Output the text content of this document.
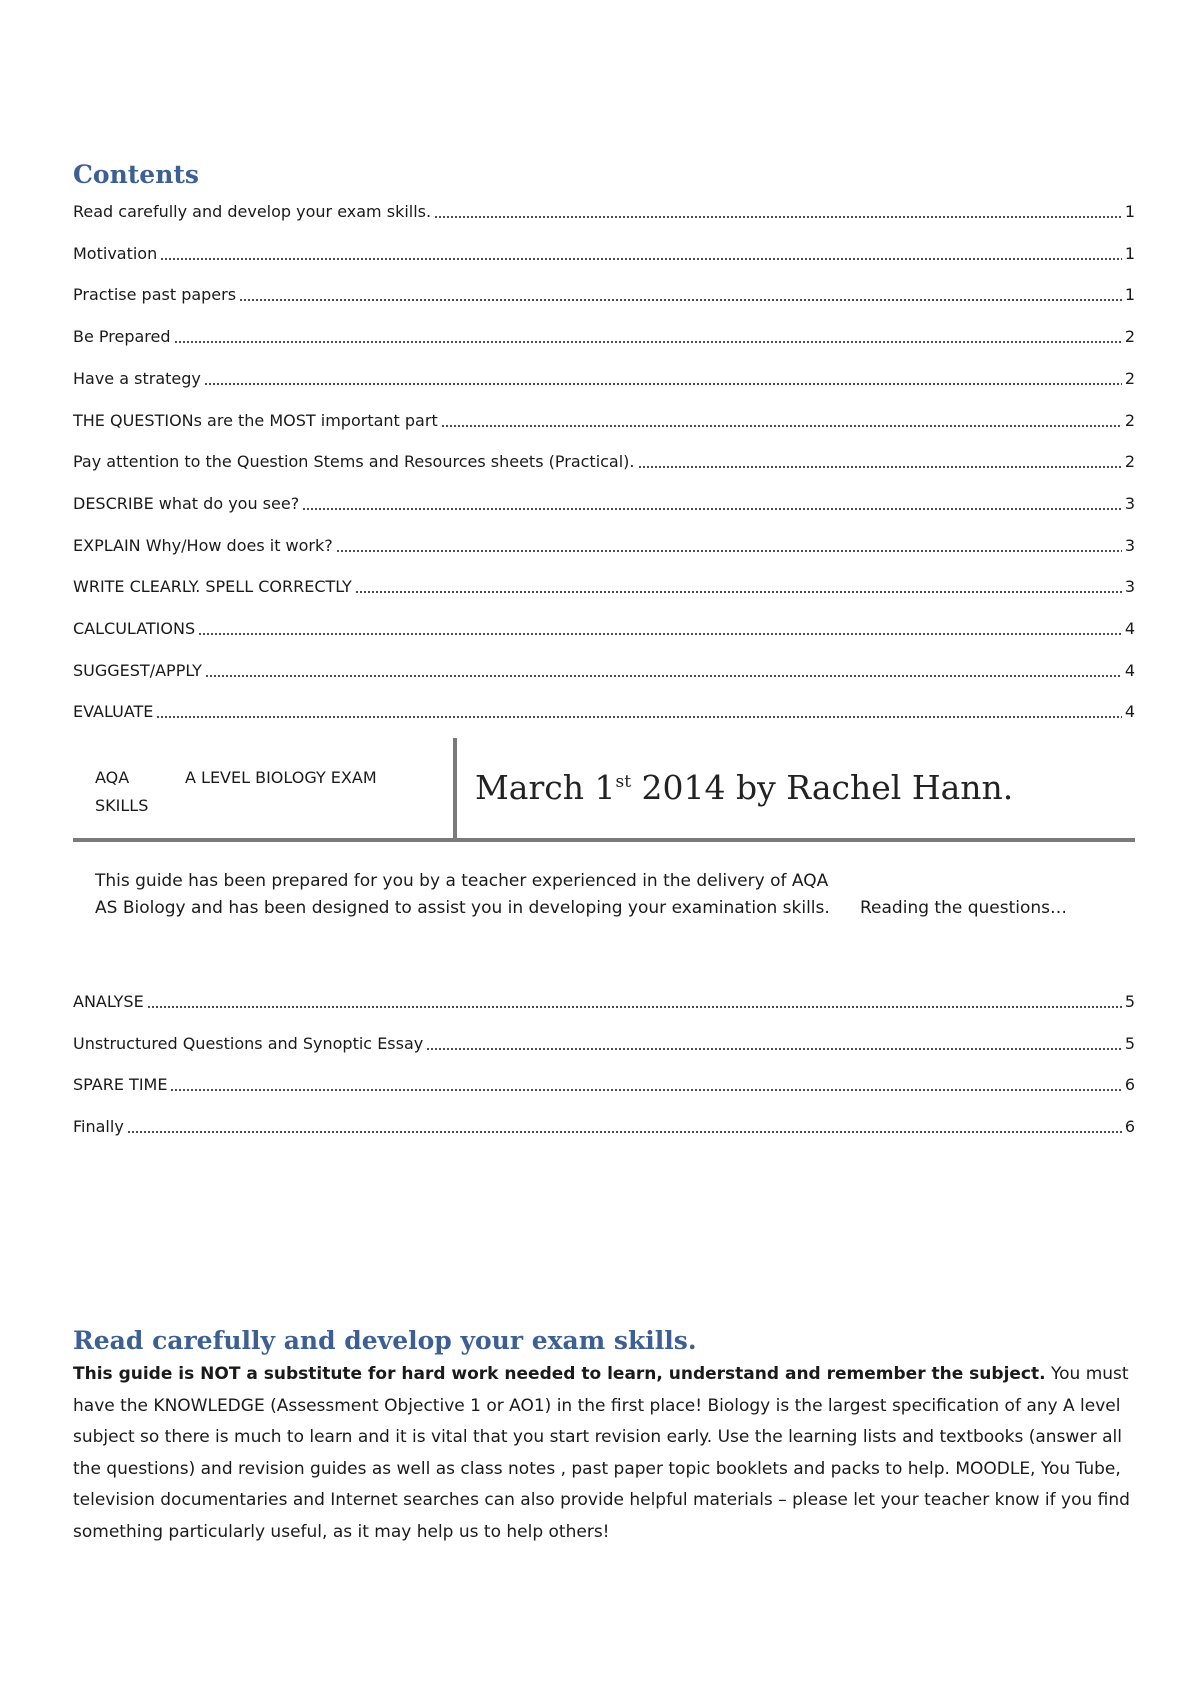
Contents
Read carefully and develop your exam skills.	1
Motivation	1
Practise past papers	1
Be Prepared	2
Have a strategy	2
THE QUESTIONs are the MOST important part	2
Pay attention to the Question Stems and Resources sheets (Practical).	2
DESCRIBE what do you see?	3
EXPLAIN Why/How does it work?	3
WRITE CLEARLY. SPELL CORRECTLY	3
CALCULATIONS	4
SUGGEST/APPLY	4
EVALUATE	4
AQA	A LEVEL BIOLOGY EXAM
SKILLS	March 1st 2014 by Rachel Hann.
This guide has been prepared for you by a teacher experienced in the delivery of AQA AS Biology and has been designed to assist you in developing your examination skills.	Reading the questions…
ANALYSE	5
Unstructured Questions and Synoptic Essay	5
SPARE TIME	6
Finally	6
Read carefully and develop your exam skills.
This guide is NOT a substitute for hard work needed to learn, understand and remember the subject. You must have the KNOWLEDGE (Assessment Objective 1 or AO1) in the first place! Biology is the largest specification of any A level subject so there is much to learn and it is vital that you start revision early. Use the learning lists and textbooks (answer all the questions) and revision guides as well as class notes , past paper topic booklets and packs to help. MOODLE, You Tube, television documentaries and Internet searches can also provide helpful materials – please let your teacher know if you find something particularly useful, as it may help us to help others!
